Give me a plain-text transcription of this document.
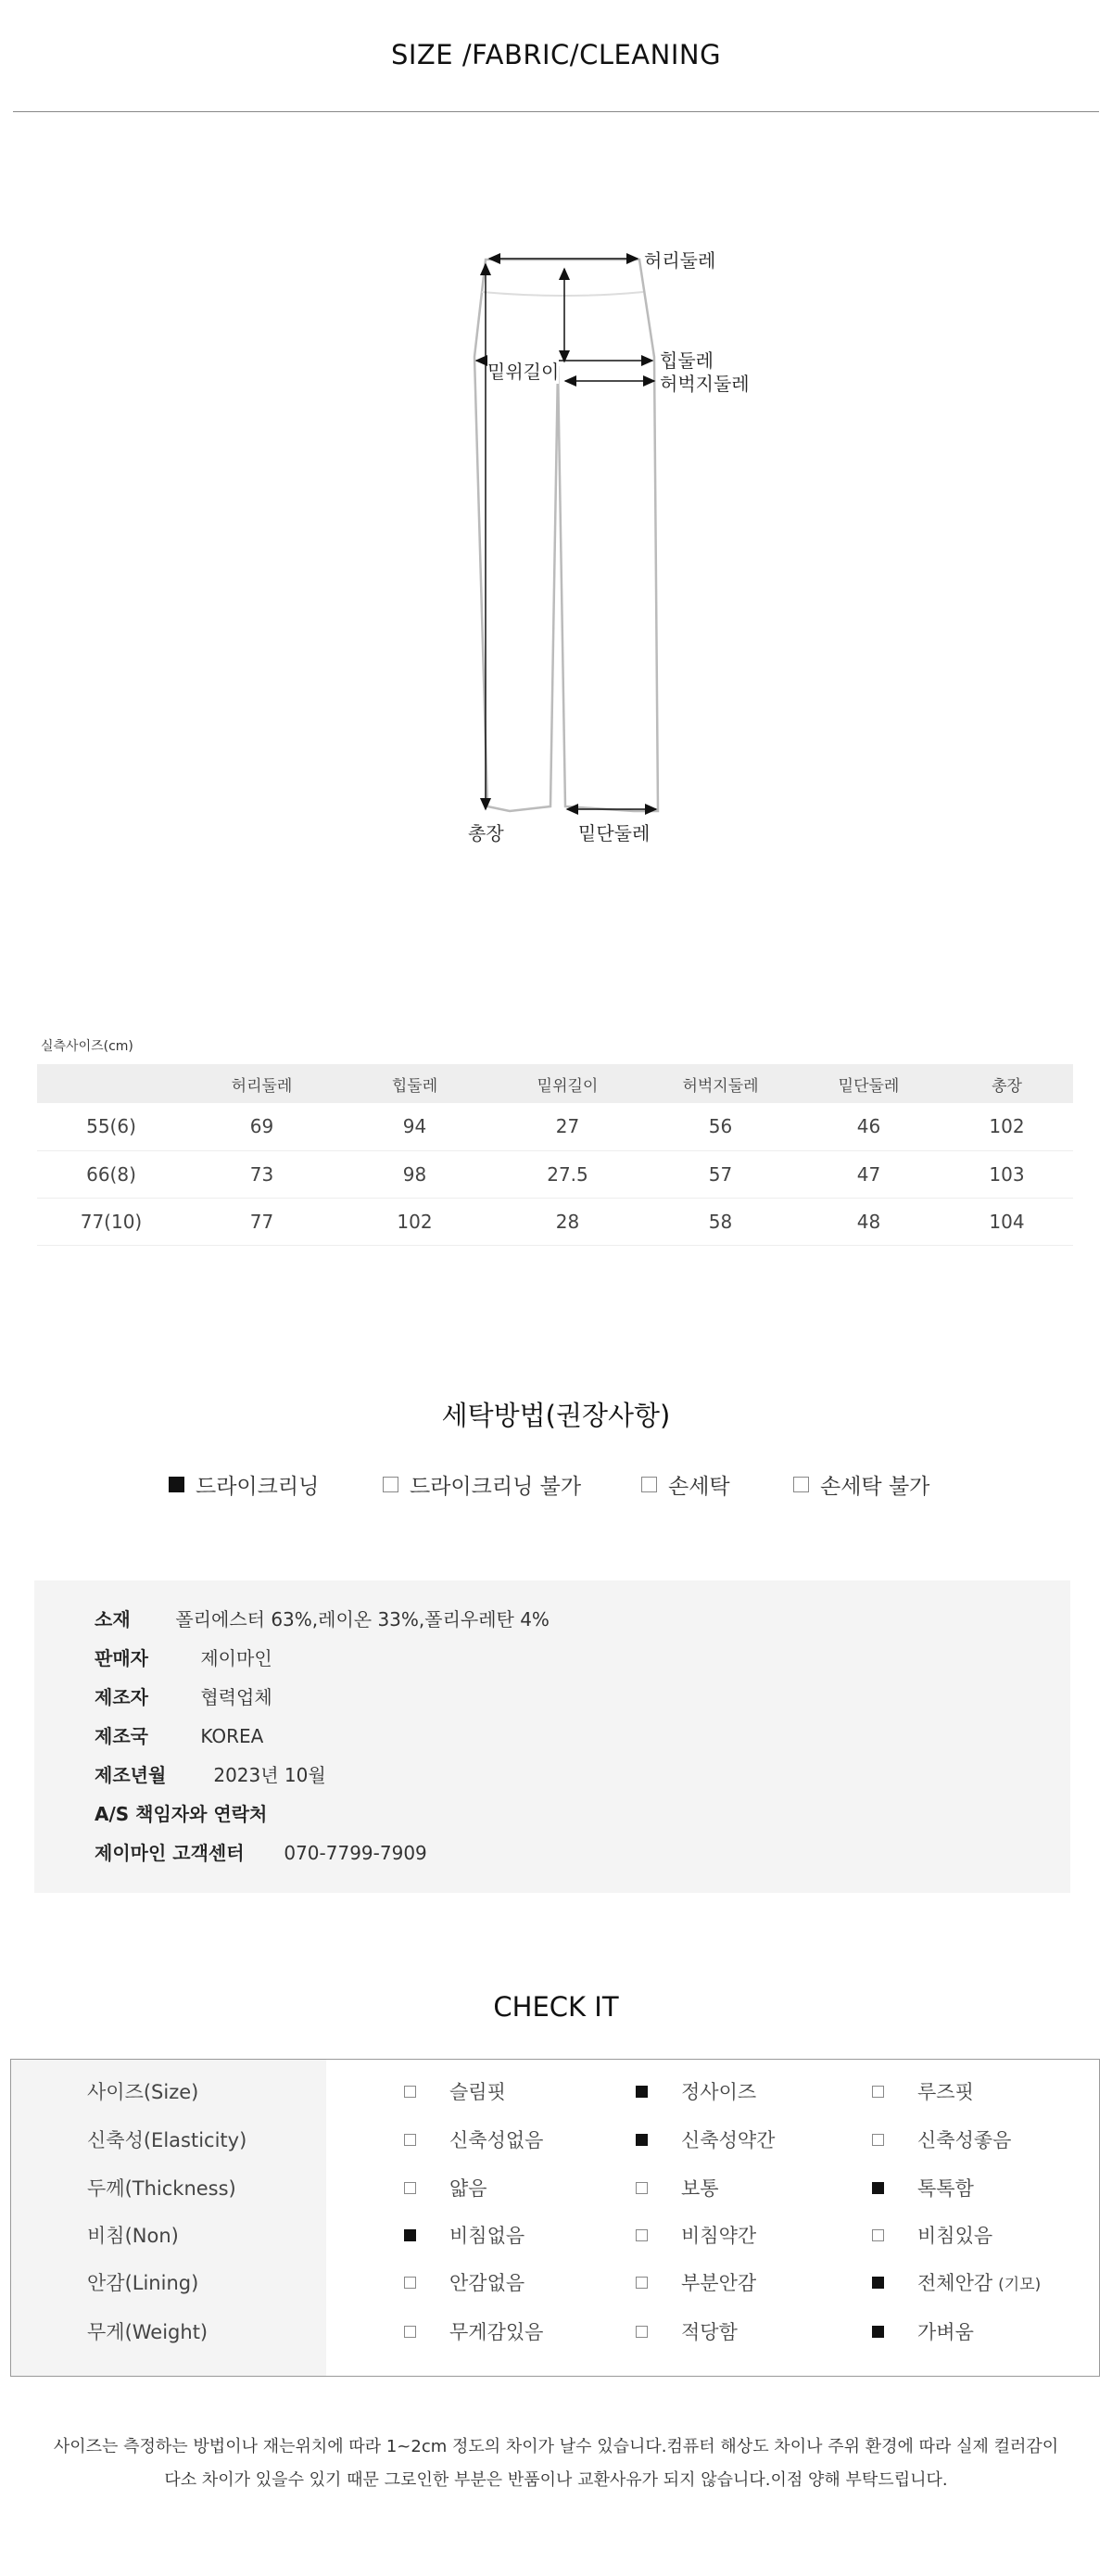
SIZE /FABRIC/CLEANING
허리둘레
밑위길이	힙둘레
허벅지둘레
총장	밑단둘레
실측사이즈(cm)
	허리둘레	힙둘레	밑위길이	허벅지둘레	밑단둘레	총장
55(6)	69	94	27	56	46	102
66(8)	73	98	27.5	57	47	103
77(10)	77	102	28	58	48	104
세탁방법(권장사항)
드라이크리닝	드라이크리닝 불가	손세탁	손세탁 불가
소재 폴리에스터 63%,레이온 33%,폴리우레탄 4%
판매자	제이마인
제조자	협력업체
제조국	KOREA
제조년월	2023년 10월
A/S 책임자와 연락처
제이마인 고객센터 070-7799-7909
CHECK IT
사이즈(Size)	슬림핏	정사이즈	루즈핏
신축성(Elasticity)	신축성없음	신축성약간	신축성좋음
두께(Thickness)	얇음	보통	톡톡함
비침(Non)	비침없음	비침약간	비침있음
안감(Lining)	안감없음	부분안감	전체안감 (기모)
무게(Weight)	무게감있음	적당함	가벼움
사이즈는 측정하는 방법이나 재는위치에 따라 1~2cm 정도의 차이가 날수 있습니다.컴퓨터 해상도 차이나 주위 환경에 따라 실제 컬러감이
다소 차이가 있을수 있기 때문 그로인한 부분은 반품이나 교환사유가 되지 않습니다.이점 양해 부탁드립니다.
